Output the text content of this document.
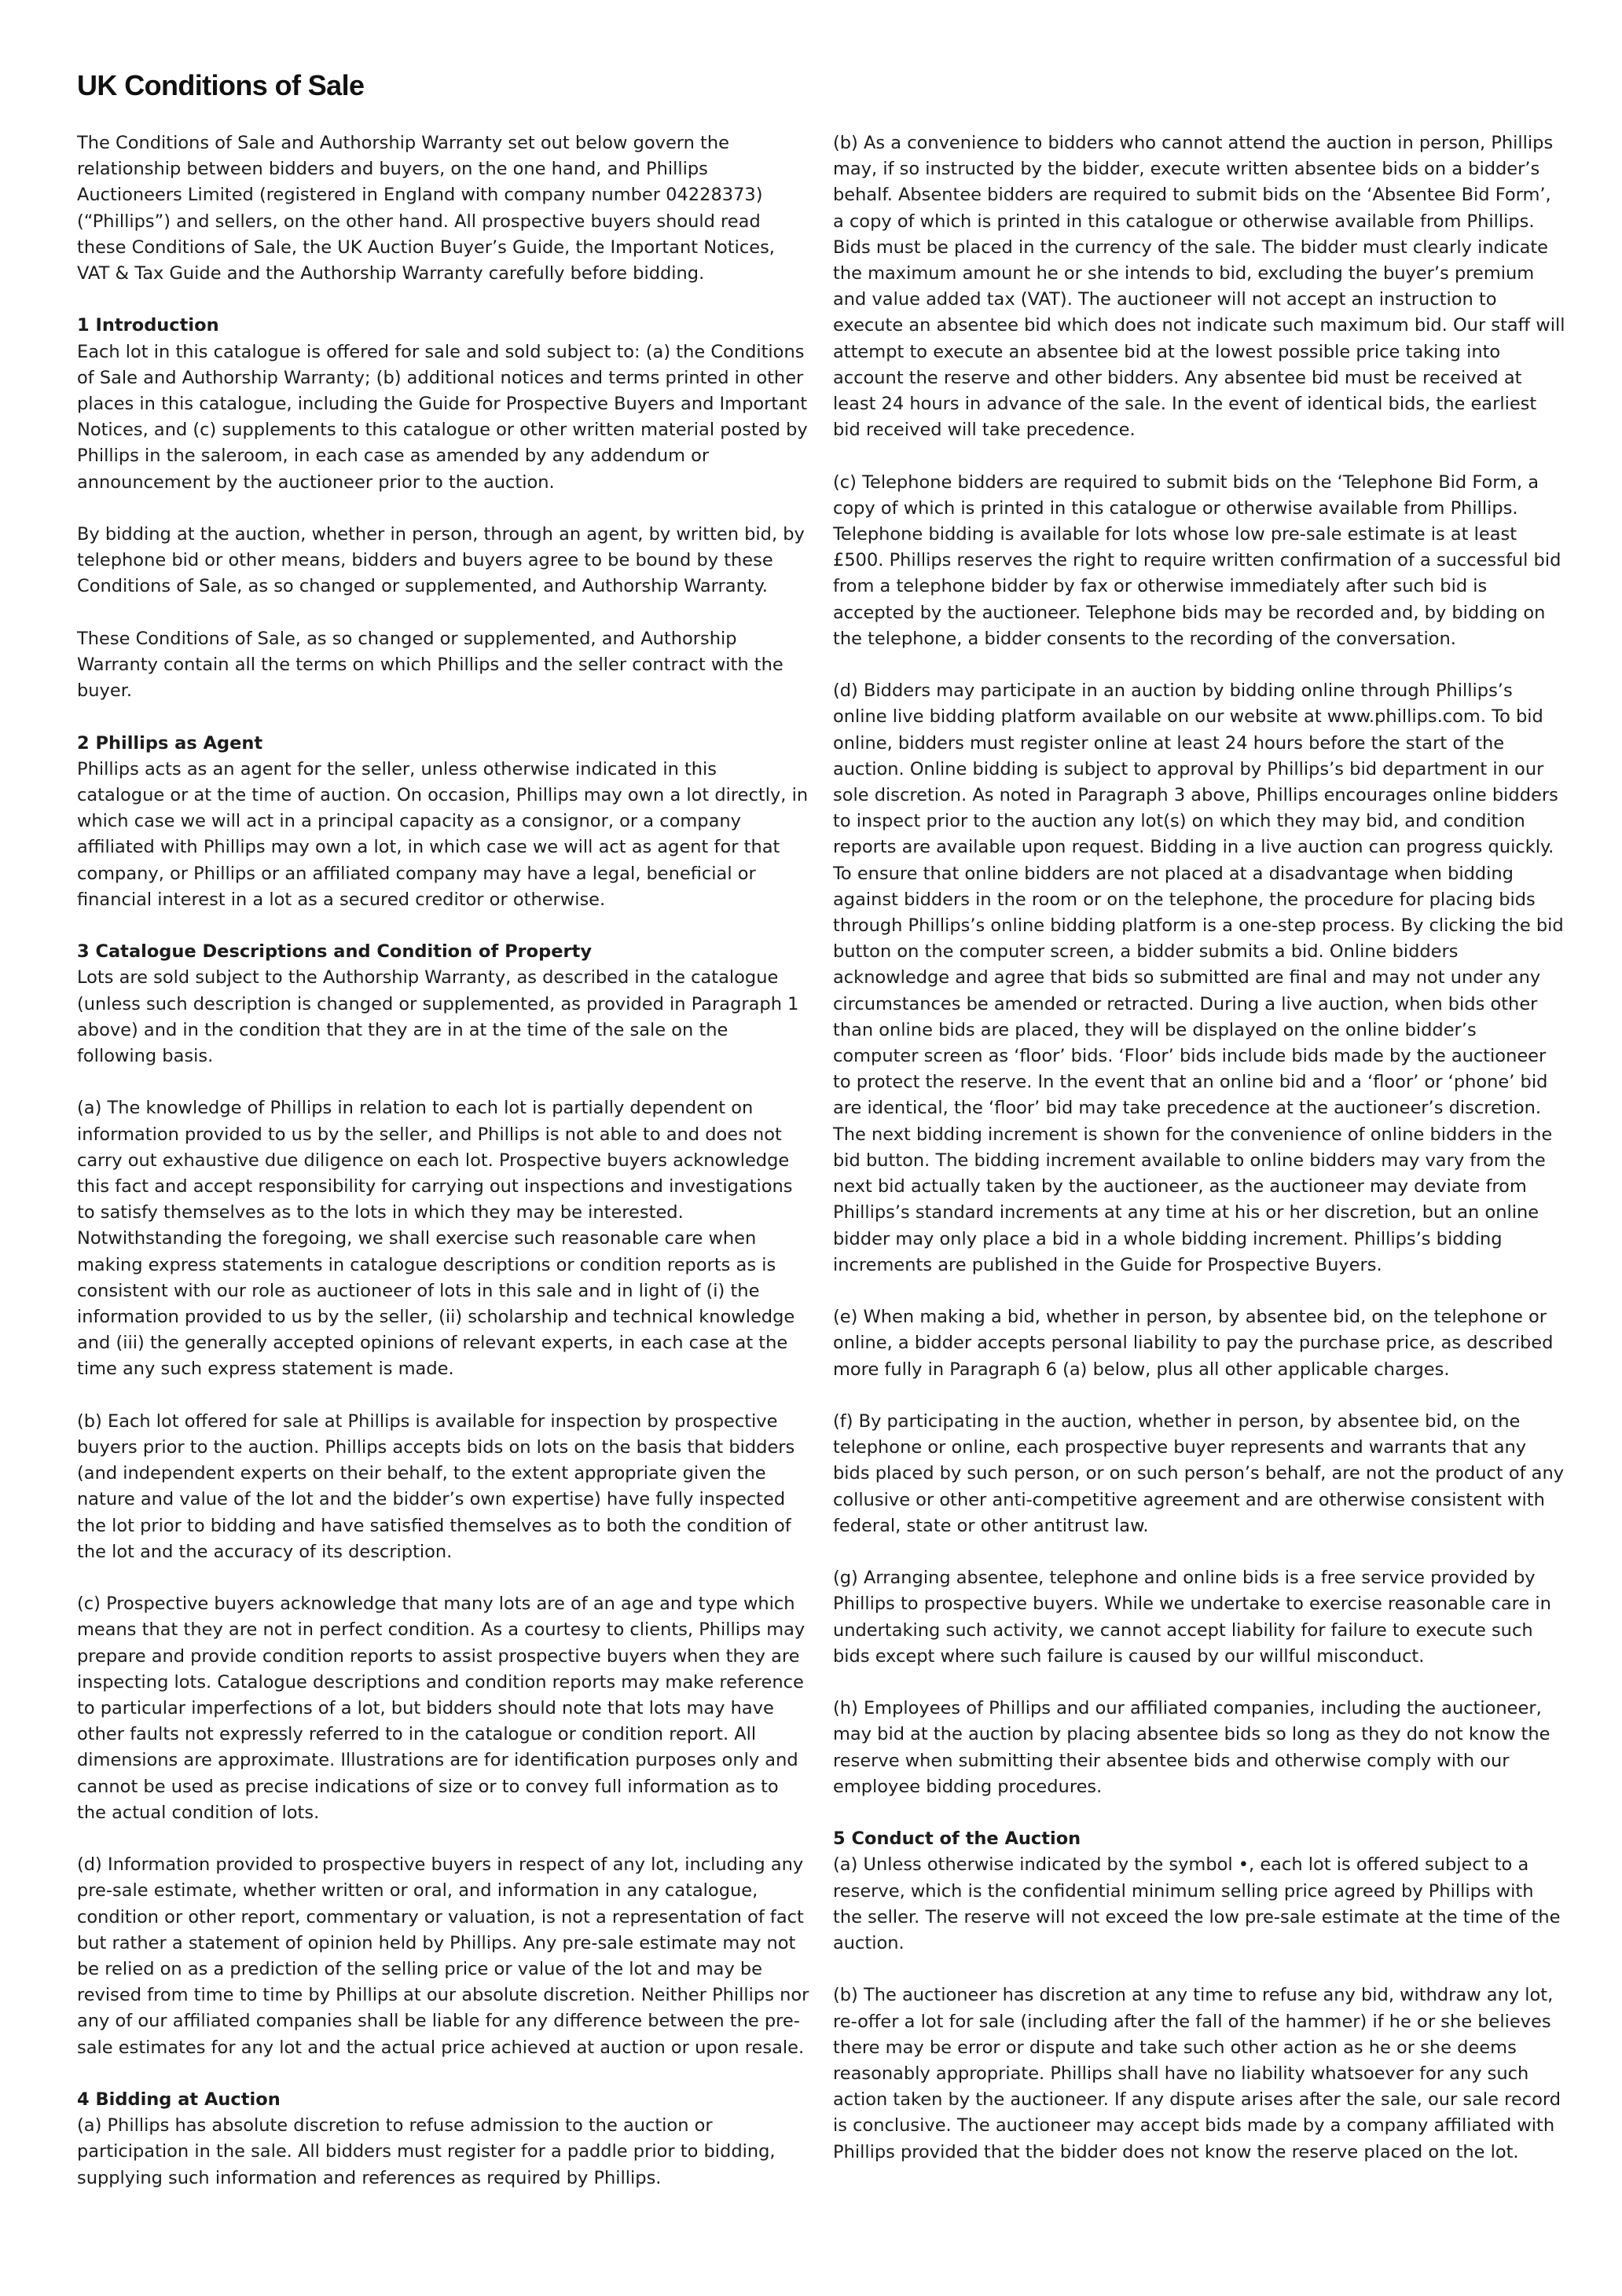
UK Conditions of Sale

The Conditions of Sale and Authorship Warranty set out below govern the relationship between bidders and buyers, on the one hand, and Phillips Auctioneers Limited (registered in England with company number 04228373)(“Phillips”) and sellers, on the other hand. All prospective buyers should read these Conditions of Sale, the UK Auction Buyer’s Guide, the Important Notices, VAT & Tax Guide and the Authorship Warranty carefully before bidding.

1 Introduction

Each lot in this catalogue is offered for sale and sold subject to: (a) the Conditions of Sale and Authorship Warranty; (b) additional notices and terms printed in other places in this catalogue, including the Guide for Prospective Buyers and Important Notices, and (c) supplements to this catalogue or other written material posted by Phillips in the saleroom, in each case as amended by any addendum or announcement by the auctioneer prior to the auction.

By bidding at the auction, whether in person, through an agent, by written bid, by telephone bid or other means, bidders and buyers agree to be bound by these Conditions of Sale, as so changed or supplemented, and Authorship Warranty.

These Conditions of Sale, as so changed or supplemented, and Authorship Warranty contain all the terms on which Phillips and the seller contract with the buyer.

2 Phillips as Agent

Phillips acts as an agent for the seller, unless otherwise indicated in this catalogue or at the time of auction. On occasion, Phillips may own a lot directly, in which case we will act in a principal capacity as a consignor, or a company affiliated with Phillips may own a lot, in which case we will act as agent for that company, or Phillips or an affiliated company may have a legal, beneficial or financial interest in a lot as a secured creditor or otherwise.

3 Catalogue Descriptions and Condition of Property

Lots are sold subject to the Authorship Warranty, as described in the catalogue (unless such description is changed or supplemented, as provided in Paragraph 1 above) and in the condition that they are in at the time of the sale on the following basis.

(a) The knowledge of Phillips in relation to each lot is partially dependent on information provided to us by the seller, and Phillips is not able to and does not carry out exhaustive due diligence on each lot. Prospective buyers acknowledge this fact and accept responsibility for carrying out inspections and investigations to satisfy themselves as to the lots in which they may be interested. Notwithstanding the foregoing, we shall exercise such reasonable care when making express statements in catalogue descriptions or condition reports as is consistent with our role as auctioneer of lots in this sale and in light of (i) the information provided to us by the seller, (ii) scholarship and technical knowledge and (iii) the generally accepted opinions of relevant experts, in each case at the time any such express statement is made.

(b) Each lot offered for sale at Phillips is available for inspection by prospective buyers prior to the auction. Phillips accepts bids on lots on the basis that bidders (and independent experts on their behalf, to the extent appropriate given the nature and value of the lot and the bidder’s own expertise) have fully inspected the lot prior to bidding and have satisfied themselves as to both the condition of the lot and the accuracy of its description.

(c) Prospective buyers acknowledge that many lots are of an age and type which means that they are not in perfect condition. As a courtesy to clients, Phillips may prepare and provide condition reports to assist prospective buyers when they are inspecting lots. Catalogue descriptions and condition reports may make reference to particular imperfections of a lot, but bidders should note that lots may have other faults not expressly referred to in the catalogue or condition report. All dimensions are approximate. Illustrations are for identification purposes only and cannot be used as precise indications of size or to convey full information as to the actual condition of lots.

(d) Information provided to prospective buyers in respect of any lot, including any pre-sale estimate, whether written or oral, and information in any catalogue, condition or other report, commentary or valuation, is not a representation of fact but rather a statement of opinion held by Phillips. Any pre-sale estimate may not be relied on as a prediction of the selling price or value of the lot and may be revised from time to time by Phillips at our absolute discretion. Neither Phillips nor any of our affiliated companies shall be liable for any difference between the pre-sale estimates for any lot and the actual price achieved at auction or upon resale.

4 Bidding at Auction

(a) Phillips has absolute discretion to refuse admission to the auction or participation in the sale. All bidders must register for a paddle prior to bidding, supplying such information and references as required by Phillips.

(b) As a convenience to bidders who cannot attend the auction in person, Phillips may, if so instructed by the bidder, execute written absentee bids on a bidder’s behalf. Absentee bidders are required to submit bids on the ‘Absentee Bid Form’, a copy of which is printed in this catalogue or otherwise available from Phillips. Bids must be placed in the currency of the sale. The bidder must clearly indicate the maximum amount he or she intends to bid, excluding the buyer’s premium and value added tax (VAT). The auctioneer will not accept an instruction to execute an absentee bid which does not indicate such maximum bid. Our staff will attempt to execute an absentee bid at the lowest possible price taking into account the reserve and other bidders. Any absentee bid must be received at least 24 hours in advance of the sale. In the event of identical bids, the earliest bid received will take precedence.

(c) Telephone bidders are required to submit bids on the ‘Telephone Bid Form, a copy of which is printed in this catalogue or otherwise available from Phillips. Telephone bidding is available for lots whose low pre-sale estimate is at least £500. Phillips reserves the right to require written confirmation of a successful bid from a telephone bidder by fax or otherwise immediately after such bid is accepted by the auctioneer. Telephone bids may be recorded and, by bidding on the telephone, a bidder consents to the recording of the conversation.

(d) Bidders may participate in an auction by bidding online through Phillips’s online live bidding platform available on our website at www.phillips.com. To bid online, bidders must register online at least 24 hours before the start of the auction. Online bidding is subject to approval by Phillips’s bid department in our sole discretion. As noted in Paragraph 3 above, Phillips encourages online bidders to inspect prior to the auction any lot(s) on which they may bid, and condition reports are available upon request. Bidding in a live auction can progress quickly. To ensure that online bidders are not placed at a disadvantage when bidding against bidders in the room or on the telephone, the procedure for placing bids through Phillips’s online bidding platform is a one-step process. By clicking the bid button on the computer screen, a bidder submits a bid. Online bidders acknowledge and agree that bids so submitted are final and may not under any circumstances be amended or retracted. During a live auction, when bids other than online bids are placed, they will be displayed on the online bidder’s computer screen as ‘floor’ bids. ‘Floor’ bids include bids made by the auctioneer to protect the reserve. In the event that an online bid and a ‘floor’ or ‘phone’ bid are identical, the ‘floor’ bid may take precedence at the auctioneer’s discretion. The next bidding increment is shown for the convenience of online bidders in the bid button. The bidding increment available to online bidders may vary from the next bid actually taken by the auctioneer, as the auctioneer may deviate from Phillips’s standard increments at any time at his or her discretion, but an online bidder may only place a bid in a whole bidding increment. Phillips’s bidding increments are published in the Guide for Prospective Buyers.

(e) When making a bid, whether in person, by absentee bid, on the telephone or online, a bidder accepts personal liability to pay the purchase price, as described more fully in Paragraph 6 (a) below, plus all other applicable charges.

(f) By participating in the auction, whether in person, by absentee bid, on the telephone or online, each prospective buyer represents and warrants that any bids placed by such person, or on such person’s behalf, are not the product of any collusive or other anti-competitive agreement and are otherwise consistent with federal, state or other antitrust law.

(g) Arranging absentee, telephone and online bids is a free service provided by Phillips to prospective buyers. While we undertake to exercise reasonable care in undertaking such activity, we cannot accept liability for failure to execute such bids except where such failure is caused by our willful misconduct.

(h) Employees of Phillips and our affiliated companies, including the auctioneer, may bid at the auction by placing absentee bids so long as they do not know the reserve when submitting their absentee bids and otherwise comply with our employee bidding procedures.

5 Conduct of the Auction

(a) Unless otherwise indicated by the symbol •, each lot is offered subject to a reserve, which is the confidential minimum selling price agreed by Phillips with the seller. The reserve will not exceed the low pre-sale estimate at the time of the auction.

(b) The auctioneer has discretion at any time to refuse any bid, withdraw any lot, re-offer a lot for sale (including after the fall of the hammer) if he or she believes there may be error or dispute and take such other action as he or she deems reasonably appropriate. Phillips shall have no liability whatsoever for any such action taken by the auctioneer. If any dispute arises after the sale, our sale record is conclusive. The auctioneer may accept bids made by a company affiliated with Phillips provided that the bidder does not know the reserve placed on the lot.
